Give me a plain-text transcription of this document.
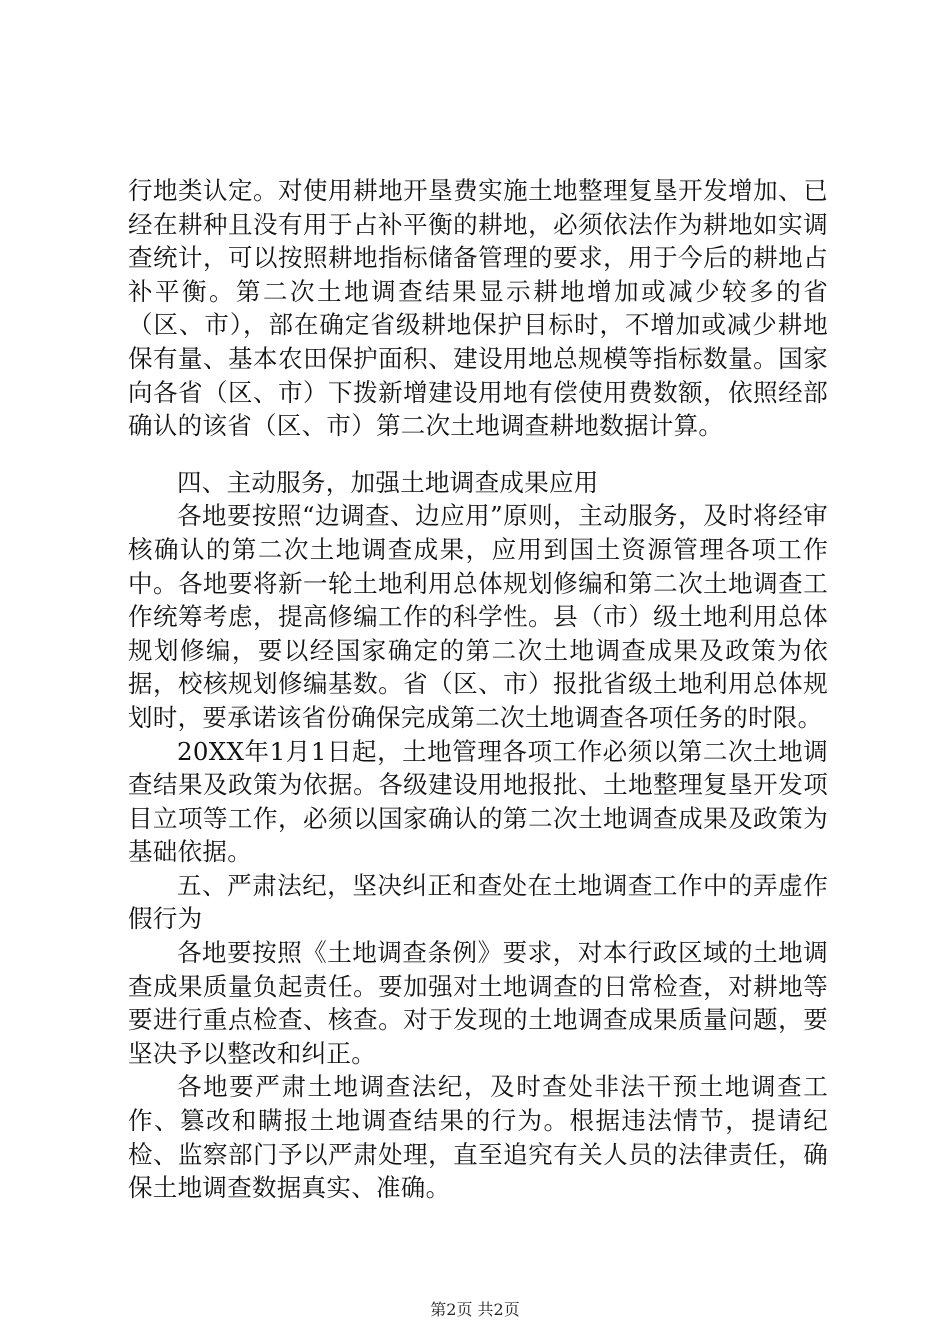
行地类认定。对使用耕地开垦费实施土地整理复垦开发增加、已经在耕种且没有用于占补平衡的耕地，必须依法作为耕地如实调查统计，可以按照耕地指标储备管理的要求，用于今后的耕地占补平衡。第二次土地调查结果显示耕地增加或减少较多的省（区、市），部在确定省级耕地保护目标时，不增加或减少耕地保有量、基本农田保护面积、建设用地总规模等指标数量。国家向各省（区、市）下拨新增建设用地有偿使用费数额，依照经部确认的该省（区、市）第二次土地调查耕地数据计算。

四、主动服务，加强土地调查成果应用

各地要按照“边调查、边应用”原则，主动服务，及时将经审核确认的第二次土地调查成果，应用到国土资源管理各项工作中。各地要将新一轮土地利用总体规划修编和第二次土地调查工作统筹考虑，提高修编工作的科学性。县（市）级土地利用总体规划修编，要以经国家确定的第二次土地调查成果及政策为依据，校核规划修编基数。省（区、市）报批省级土地利用总体规划时，要承诺该省份确保完成第二次土地调查各项任务的时限。

20XX年1月1日起，土地管理各项工作必须以第二次土地调查结果及政策为依据。各级建设用地报批、土地整理复垦开发项目立项等工作，必须以国家确认的第二次土地调查成果及政策为基础依据。

五、严肃法纪，坚决纠正和查处在土地调查工作中的弄虚作假行为

各地要按照《土地调查条例》要求，对本行政区域的土地调查成果质量负起责任。要加强对土地调查的日常检查，对耕地等要进行重点检查、核查。对于发现的土地调查成果质量问题，要坚决予以整改和纠正。

各地要严肃土地调查法纪，及时查处非法干预土地调查工作、篡改和瞒报土地调查结果的行为。根据违法情节，提请纪检、监察部门予以严肃处理，直至追究有关人员的法律责任，确保土地调查数据真实、准确。

第2页 共2页
